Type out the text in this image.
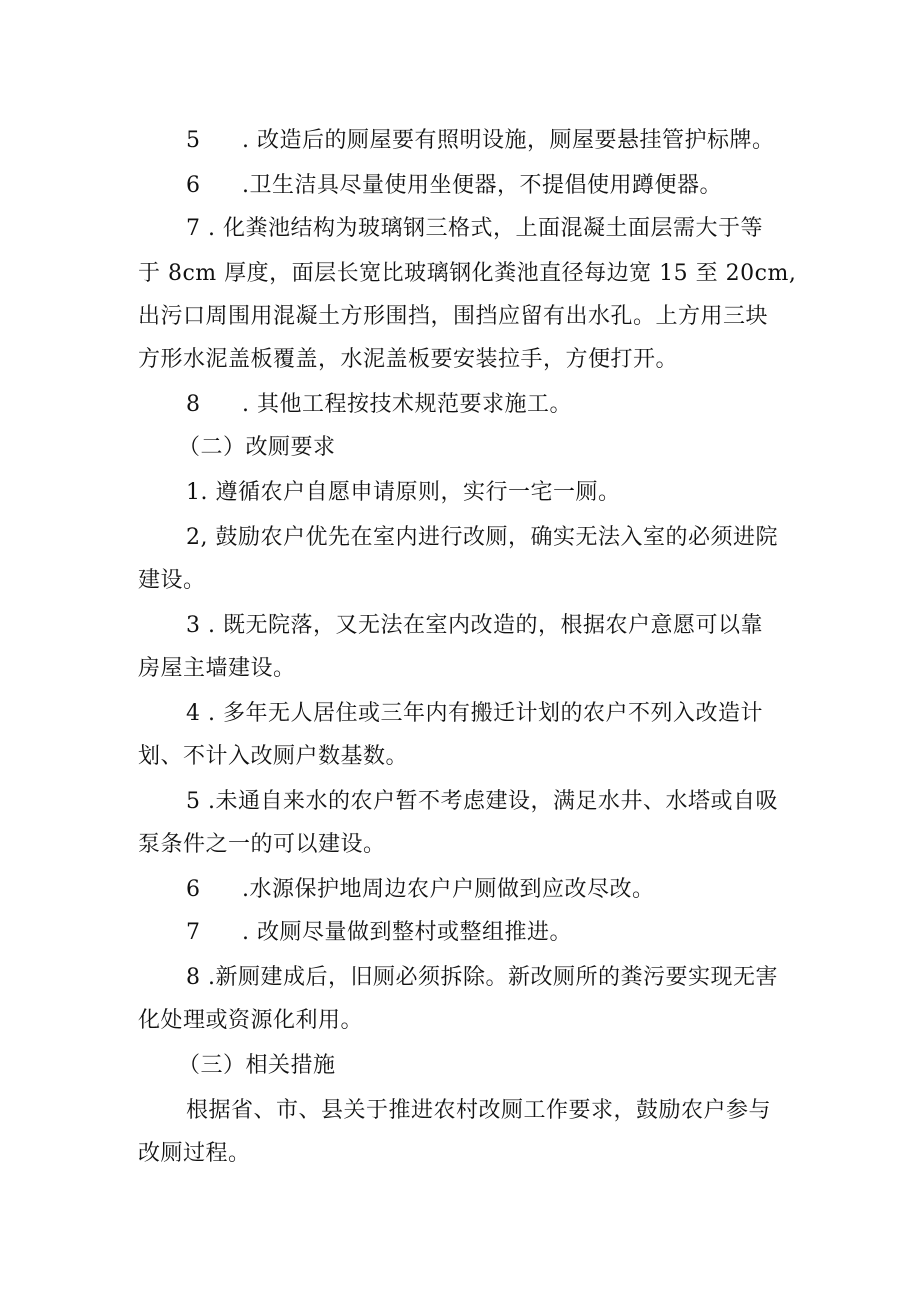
5 . 改造后的厕屋要有照明设施，厕屋要悬挂管护标牌。
6 .卫生洁具尽量使用坐便器，不提倡使用蹲便器。
7 . 化粪池结构为玻璃钢三格式，上面混凝土面层需大于等
于 8cm 厚度，面层长宽比玻璃钢化粪池直径每边宽 15 至 20cm,
出污口周围用混凝土方形围挡，围挡应留有出水孔。上方用三块
方形水泥盖板覆盖，水泥盖板要安装拉手，方便打开。
8 . 其他工程按技术规范要求施工。
（二）改厕要求
1. 遵循农户自愿申请原则，实行一宅一厕。
2, 鼓励农户优先在室内进行改厕，确实无法入室的必须进院
建设。
3 . 既无院落，又无法在室内改造的，根据农户意愿可以靠
房屋主墙建设。
4 . 多年无人居住或三年内有搬迁计划的农户不列入改造计
划、不计入改厕户数基数。
5 .未通自来水的农户暂不考虑建设，满足水井、水塔或自吸
泵条件之一的可以建设。
6 .水源保护地周边农户户厕做到应改尽改。
7 . 改厕尽量做到整村或整组推进。
8 .新厕建成后，旧厕必须拆除。新改厕所的粪污要实现无害
化处理或资源化利用。
（三）相关措施
根据省、市、县关于推进农村改厕工作要求，鼓励农户参与
改厕过程。
